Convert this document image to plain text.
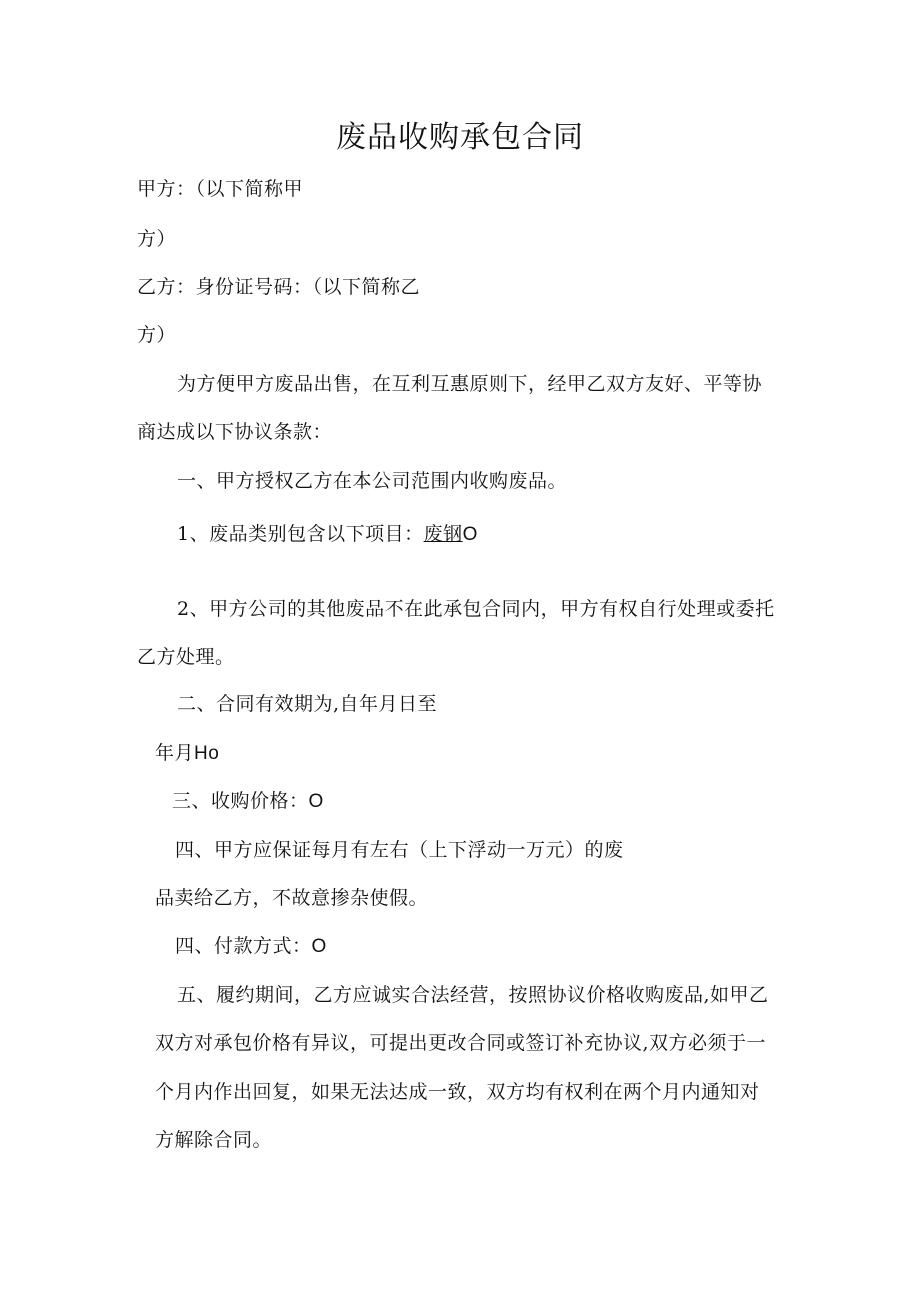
废品收购承包合同
甲方：（以下简称甲
方）
乙方：身份证号码：（以下简称乙
方）
为方便甲方废品出售，在互利互惠原则下，经甲乙双方友好、平等协
商达成以下协议条款：
一、甲方授权乙方在本公司范围内收购废品。
1、废品类别包含以下项目：废钢O
2、甲方公司的其他废品不在此承包合同内，甲方有权自行处理或委托
乙方处理。
二、合同有效期为,自年月日至
年月Ho
三、收购价格：O
四、甲方应保证每月有左右（上下浮动一万元）的废
品卖给乙方，不故意掺杂使假。
四、付款方式：O
五、履约期间，乙方应诚实合法经营，按照协议价格收购废品,如甲乙
双方对承包价格有异议，可提出更改合同或签订补充协议,双方必须于一
个月内作出回复，如果无法达成一致，双方均有权利在两个月内通知对
方解除合同。
